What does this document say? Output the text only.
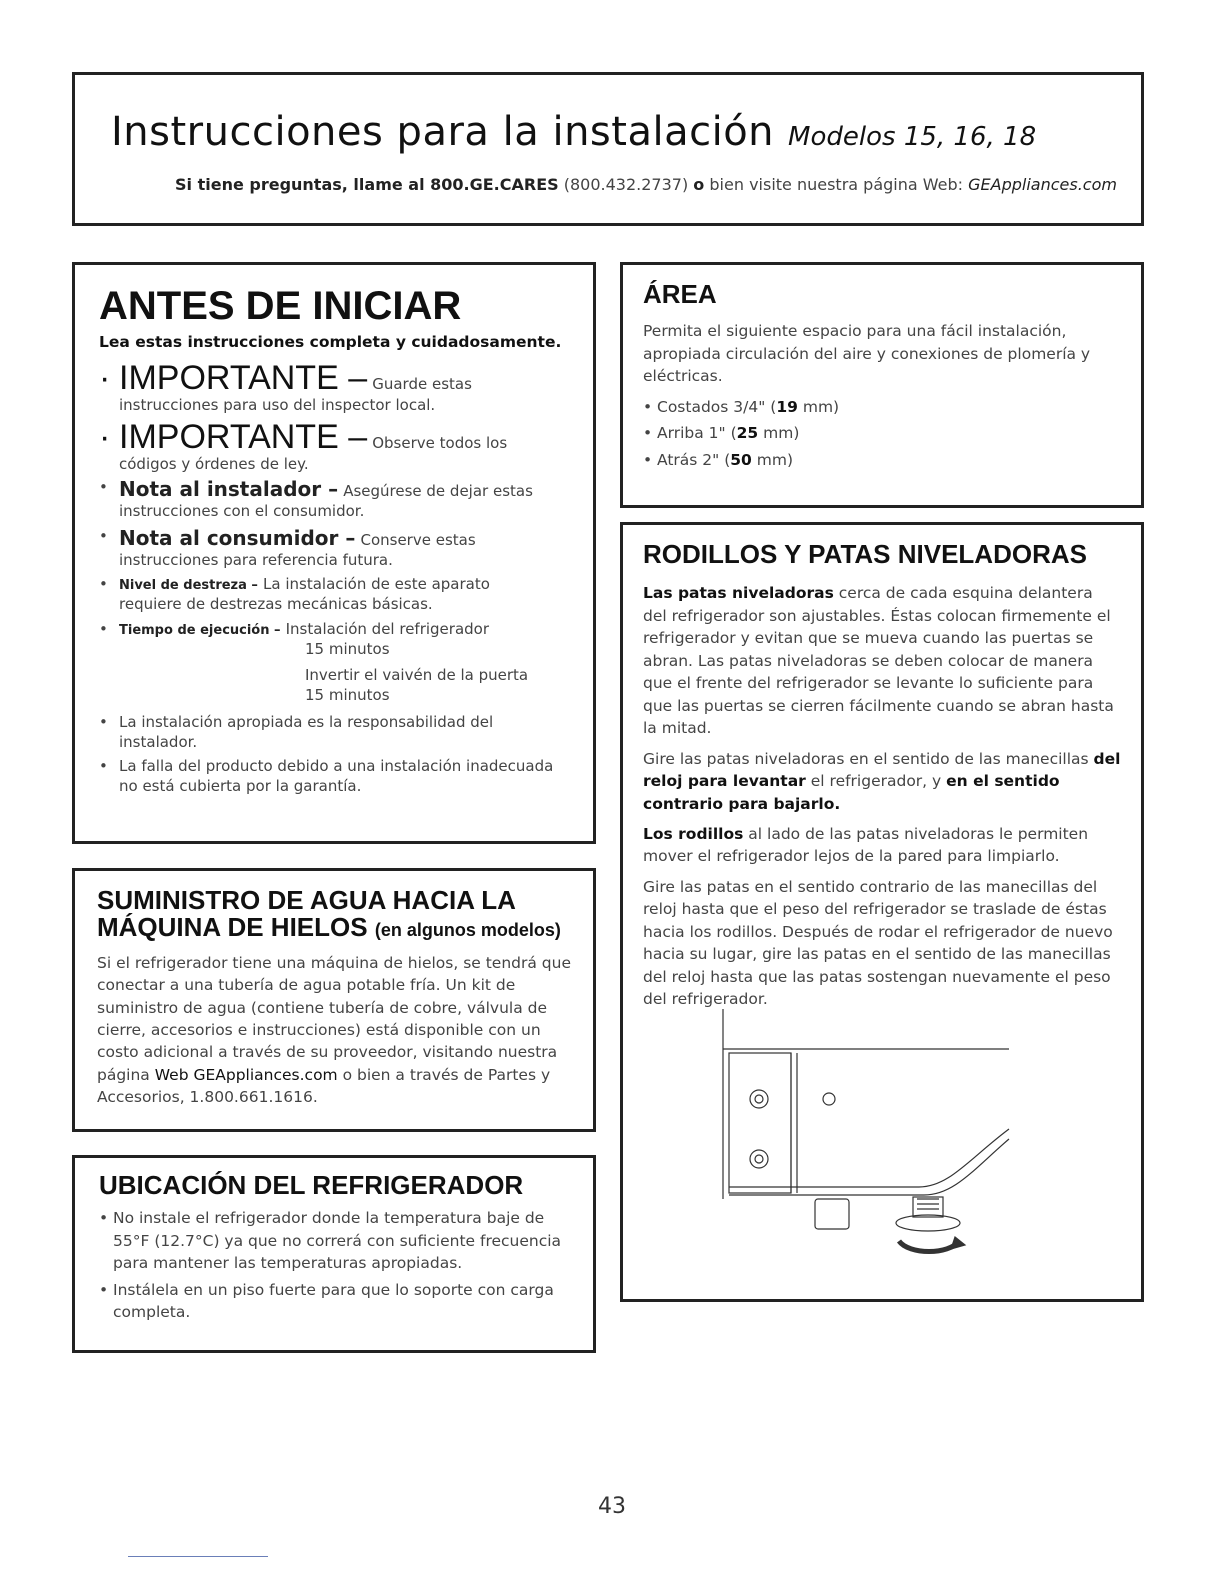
Instrucciones para la instalación Modelos 15, 16, 18
Si tiene preguntas, llame al 800.GE.CARES (800.432.2737) o bien visite nuestra página Web: GEAppliances.com
ANTES DE INICIAR
Lea estas instrucciones completa y cuidadosamente.
· IMPORTANTE – Guarde estas
instrucciones para uso del inspector local.
· IMPORTANTE – Observe todos los
códigos y órdenes de ley.
• Nota al instalador – Asegúrese de dejar estas
instrucciones con el consumidor.
• Nota al consumidor – Conserve estas
instrucciones para referencia futura.
• Nivel de destreza – La instalación de este aparato
requiere de destrezas mecánicas básicas.
• Tiempo de ejecución – Instalación del refrigerador
15 minutos
Invertir el vaivén de la puerta
15 minutos
• La instalación apropiada es la responsabilidad del instalador.
• La falla del producto debido a una instalación inadecuada no está cubierta por la garantía.
SUMINISTRO DE AGUA HACIA LA MÁQUINA DE HIELOS (en algunos modelos)

Si el refrigerador tiene una máquina de hielos, se tendrá que conectar a una tubería de agua potable fría. Un kit de suministro de agua (contiene tubería de cobre, válvula de cierre, accesorios e instrucciones) está disponible con un costo adicional a través de su proveedor, visitando nuestra página Web GEAppliances.com o bien a través de Partes y Accesorios, 1.800.661.1616.

UBICACIÓN DEL REFRIGERADOR
• No instale el refrigerador donde la temperatura baje de 55°F (12.7°C) ya que no correrá con suficiente frecuencia para mantener las temperaturas apropiadas.
• Instálela en un piso fuerte para que lo soporte con carga completa.
ÁREA

Permita el siguiente espacio para una fácil instalación, apropiada circulación del aire y conexiones de plomería y eléctricas.

• Costados 3/4" (19 mm)
• Arriba 1" (25 mm)
• Atrás 2" (50 mm)
RODILLOS Y PATAS NIVELADORAS

Las patas niveladoras cerca de cada esquina delantera del refrigerador son ajustables. Éstas colocan firmemente el refrigerador y evitan que se mueva cuando las puertas se abran. Las patas niveladoras se deben colocar de manera que el frente del refrigerador se levante lo suficiente para que las puertas se cierren fácilmente cuando se abran hasta la mitad.

Gire las patas niveladoras en el sentido de las manecillas del reloj para levantar el refrigerador, y en el sentido contrario para bajarlo.

Los rodillos al lado de las patas niveladoras le permiten mover el refrigerador lejos de la pared para limpiarlo.

Gire las patas en el sentido contrario de las manecillas del reloj hasta que el peso del refrigerador se traslade de éstas hacia los rodillos. Después de rodar el refrigerador de nuevo hacia su lugar, gire las patas en el sentido de las manecillas del reloj hasta que las patas sostengan nuevamente el peso del refrigerador.

43
